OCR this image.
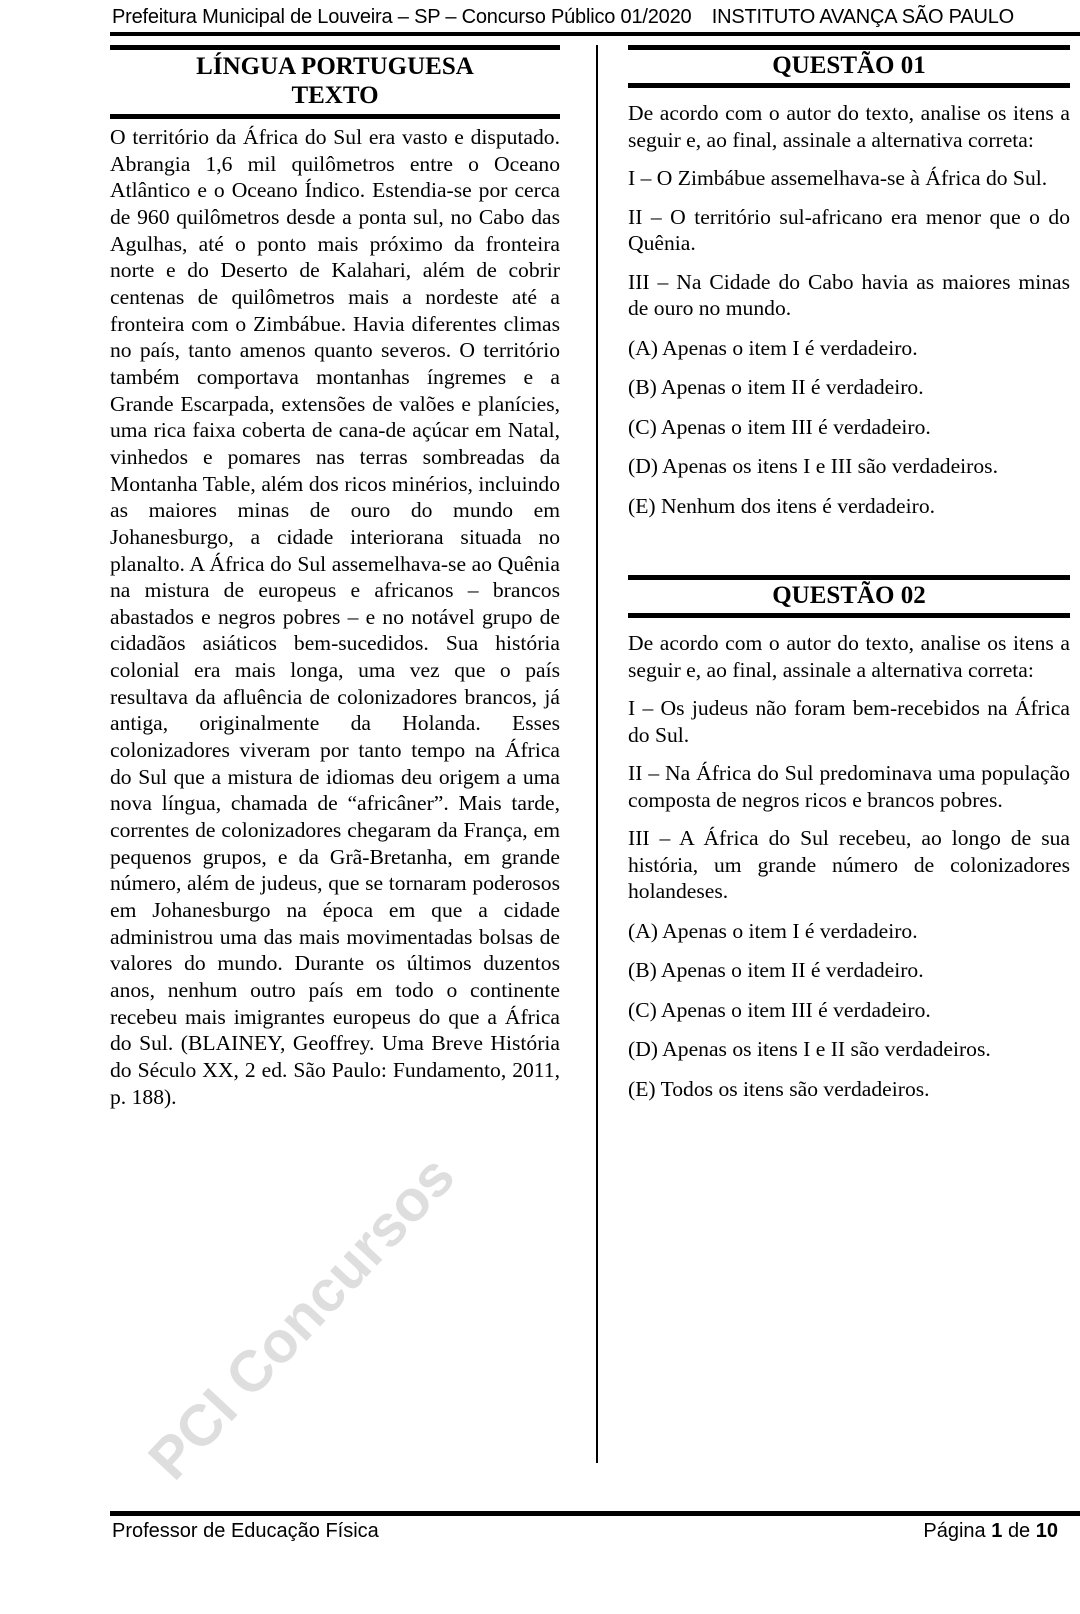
Prefeitura Municipal de Louveira – SP – Concurso Público 01/2020 INSTITUTO AVANÇA SÃO PAULO
PCI Concursos
LÍNGUA PORTUGUESA
TEXTO

O território da África do Sul era vasto e disputado. Abrangia 1,6 mil quilômetros entre o Oceano Atlântico e o Oceano Índico. Estendia-se por cerca de 960 quilômetros desde a ponta sul, no Cabo das Agulhas, até o ponto mais próximo da fronteira norte e do Deserto de Kalahari, além de cobrir centenas de quilômetros mais a nordeste até a fronteira com o Zimbábue. Havia diferentes climas no país, tanto amenos quanto severos. O território também comportava montanhas íngremes e a Grande Escarpada, extensões de valões e planícies, uma rica faixa coberta de cana-de açúcar em Natal, vinhedos e pomares nas terras sombreadas da Montanha Table, além dos ricos minérios, incluindo as maiores minas de ouro do mundo em Johanesburgo, a cidade interiorana situada no planalto. A África do Sul assemelhava-se ao Quênia na mistura de europeus e africanos – brancos abastados e negros pobres – e no notável grupo de cidadãos asiáticos bem-sucedidos. Sua história colonial era mais longa, uma vez que o país resultava da afluência de colonizadores brancos, já antiga, originalmente da Holanda. Esses colonizadores viveram por tanto tempo na África do Sul que a mistura de idiomas deu origem a uma nova língua, chamada de “africâner”. Mais tarde, correntes de colonizadores chegaram da França, em pequenos grupos, e da Grã-Bretanha, em grande número, além de judeus, que se tornaram poderosos em Johanesburgo na época em que a cidade administrou uma das mais movimentadas bolsas de valores do mundo. Durante os últimos duzentos anos, nenhum outro país em todo o continente recebeu mais imigrantes europeus do que a África do Sul. (BLAINEY, Geoffrey. Uma Breve História do Século XX, 2 ed. São Paulo: Fundamento, 2011, p. 188).

QUESTÃO 01

De acordo com o autor do texto, analise os itens a seguir e, ao final, assinale a alternativa correta:

I – O Zimbábue assemelhava-se à África do Sul.

II – O território sul-africano era menor que o do Quênia.

III – Na Cidade do Cabo havia as maiores minas de ouro no mundo.

(A) Apenas o item I é verdadeiro.

(B) Apenas o item II é verdadeiro.

(C) Apenas o item III é verdadeiro.

(D) Apenas os itens I e III são verdadeiros.

(E) Nenhum dos itens é verdadeiro.

QUESTÃO 02

De acordo com o autor do texto, analise os itens a seguir e, ao final, assinale a alternativa correta:

I – Os judeus não foram bem-recebidos na África do Sul.

II – Na África do Sul predominava uma população composta de negros ricos e brancos pobres.

III – A África do Sul recebeu, ao longo de sua história, um grande número de colonizadores holandeses.

(A) Apenas o item I é verdadeiro.

(B) Apenas o item II é verdadeiro.

(C) Apenas o item III é verdadeiro.

(D) Apenas os itens I e II são verdadeiros.

(E) Todos os itens são verdadeiros.

Professor de Educação Física	Página 1 de 10
